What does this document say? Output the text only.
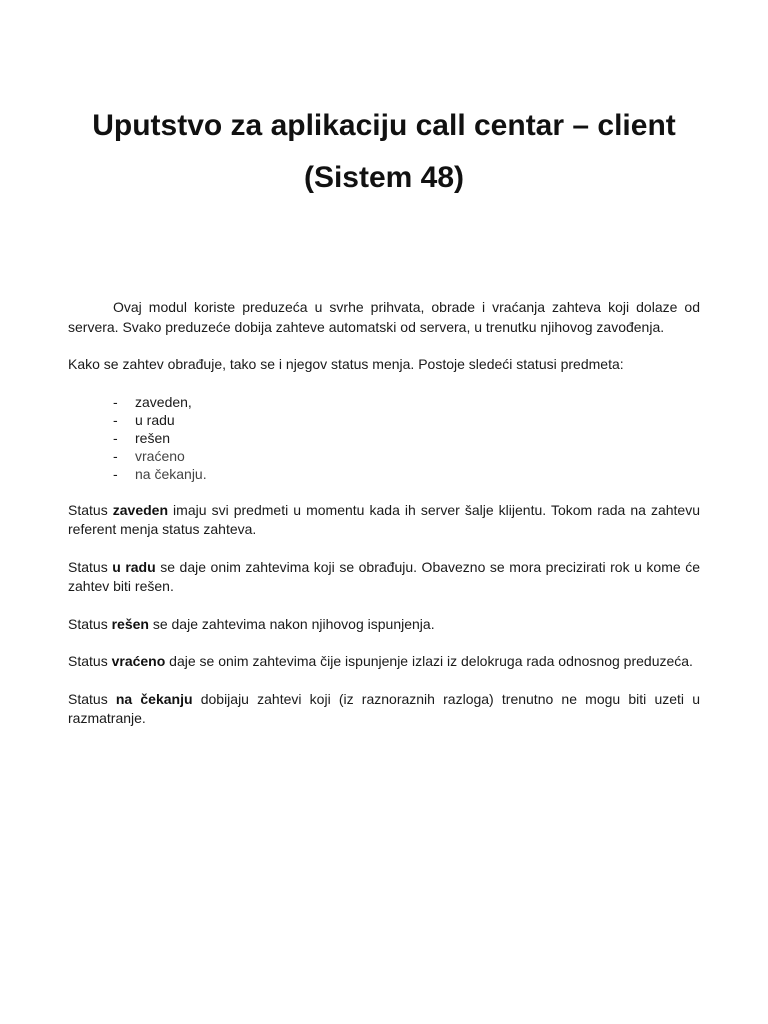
Uputstvo za aplikaciju call centar – client
(Sistem 48)

Ovaj modul koriste preduzeća u svrhe prihvata, obrade i vraćanja zahteva koji dolaze od servera. Svako preduzeće dobija zahteve automatski od servera, u trenutku njihovog zavođenja.

Kako se zahtev obrađuje, tako se i njegov status menja. Postoje sledeći statusi predmeta:

- zaveden,
- u radu
- rešen
- vraćeno
- na čekanju.

Status zaveden imaju svi predmeti u momentu kada ih server šalje klijentu. Tokom rada na zahtevu referent menja status zahteva.

Status u radu se daje onim zahtevima koji se obrađuju. Obavezno se mora precizirati rok u kome će zahtev biti rešen.

Status rešen se daje zahtevima nakon njihovog ispunjenja.

Status vraćeno daje se onim zahtevima čije ispunjenje izlazi iz delokruga rada odnosnog preduzeća.

Status na čekanju dobijaju zahtevi koji (iz raznoraznih razloga) trenutno ne mogu biti uzeti u razmatranje.
